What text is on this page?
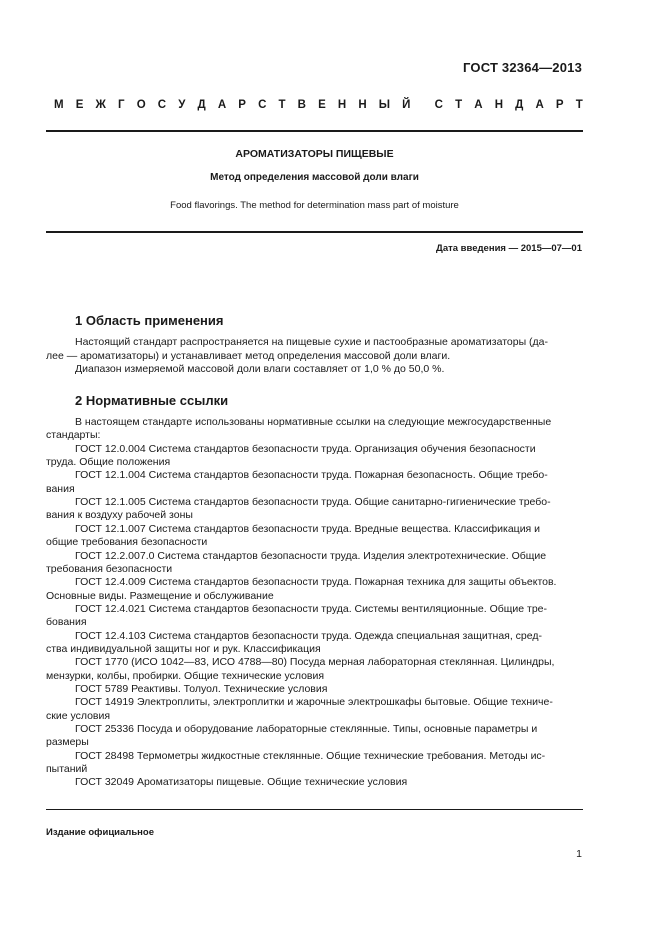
ГОСТ 32364—2013
М Е Ж Г О С У Д А Р С Т В Е Н Н Ы Й С Т А Н Д А Р Т
АРОМАТИЗАТОРЫ ПИЩЕВЫЕ
Метод определения массовой доли влаги
Food flavorings. The method for determination mass part of moisture
Дата введения — 2015—07—01
1 Область применения
Настоящий стандарт распространяется на пищевые сухие и пастообразные ароматизаторы (да-
лее — ароматизаторы) и устанавливает метод определения массовой доли влаги.
Диапазон измеряемой массовой доли влаги составляет от 1,0 % до 50,0 %.
2 Нормативные ссылки
В настоящем стандарте использованы нормативные ссылки на следующие межгосударственные
стандарты:
ГОСТ 12.0.004 Система стандартов безопасности труда. Организация обучения безопасности
труда. Общие положения
ГОСТ 12.1.004 Система стандартов безопасности труда. Пожарная безопасность. Общие требо-
вания
ГОСТ 12.1.005 Система стандартов безопасности труда. Общие санитарно-гигиенические требо-
вания к воздуху рабочей зоны
ГОСТ 12.1.007 Система стандартов безопасности труда. Вредные вещества. Классификация и
общие требования безопасности
ГОСТ 12.2.007.0 Система стандартов безопасности труда. Изделия электротехнические. Общие
требования безопасности
ГОСТ 12.4.009 Система стандартов безопасности труда. Пожарная техника для защиты объектов.
Основные виды. Размещение и обслуживание
ГОСТ 12.4.021 Система стандартов безопасности труда. Системы вентиляционные. Общие тре-
бования
ГОСТ 12.4.103 Система стандартов безопасности труда. Одежда специальная защитная, сред-
ства индивидуальной защиты ног и рук. Классификация
ГОСТ 1770 (ИСО 1042—83, ИСО 4788—80) Посуда мерная лабораторная стеклянная. Цилиндры,
мензурки, колбы, пробирки. Общие технические условия
ГОСТ 5789 Реактивы. Толуол. Технические условия
ГОСТ 14919 Электроплиты, электроплитки и жарочные электрошкафы бытовые. Общие техниче-
ские условия
ГОСТ 25336 Посуда и оборудование лабораторные стеклянные. Типы, основные параметры и
размеры
ГОСТ 28498 Термометры жидкостные стеклянные. Общие технические требования. Методы ис-
пытаний
ГОСТ 32049 Ароматизаторы пищевые. Общие технические условия
Издание официальное
1
